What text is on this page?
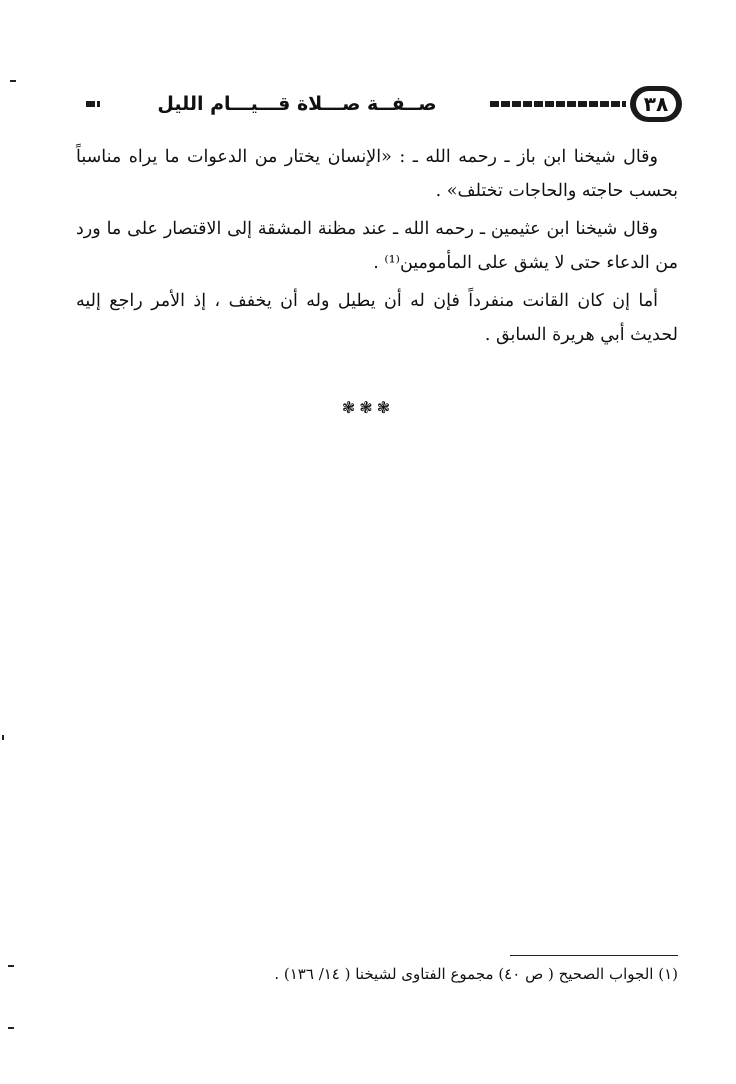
٣٨
صــفــة صـــلاة قـــيـــام الليل

وقال شيخنا ابن باز ـ رحمه الله ـ : «الإنسان يختار من الدعوات ما يراه مناسباً بحسب حاجته والحاجات تختلف» .

وقال شيخنا ابن عثيمين ـ رحمه الله ـ عند مظنة المشقة إلى الاقتصار على ما ورد من الدعاء حتى لا يشق على المأمومين⁽¹⁾ .

أما إن كان القانت منفرداً فإن له أن يطيل وله أن يخفف ، إذ الأمر راجع إليه لحديث أبي هريرة السابق .

❃❃❃
(١) الجواب الصحيح ( ص ٤٠) مجموع الفتاوى لشيخنا ( ١٤/ ١٣٦) .
